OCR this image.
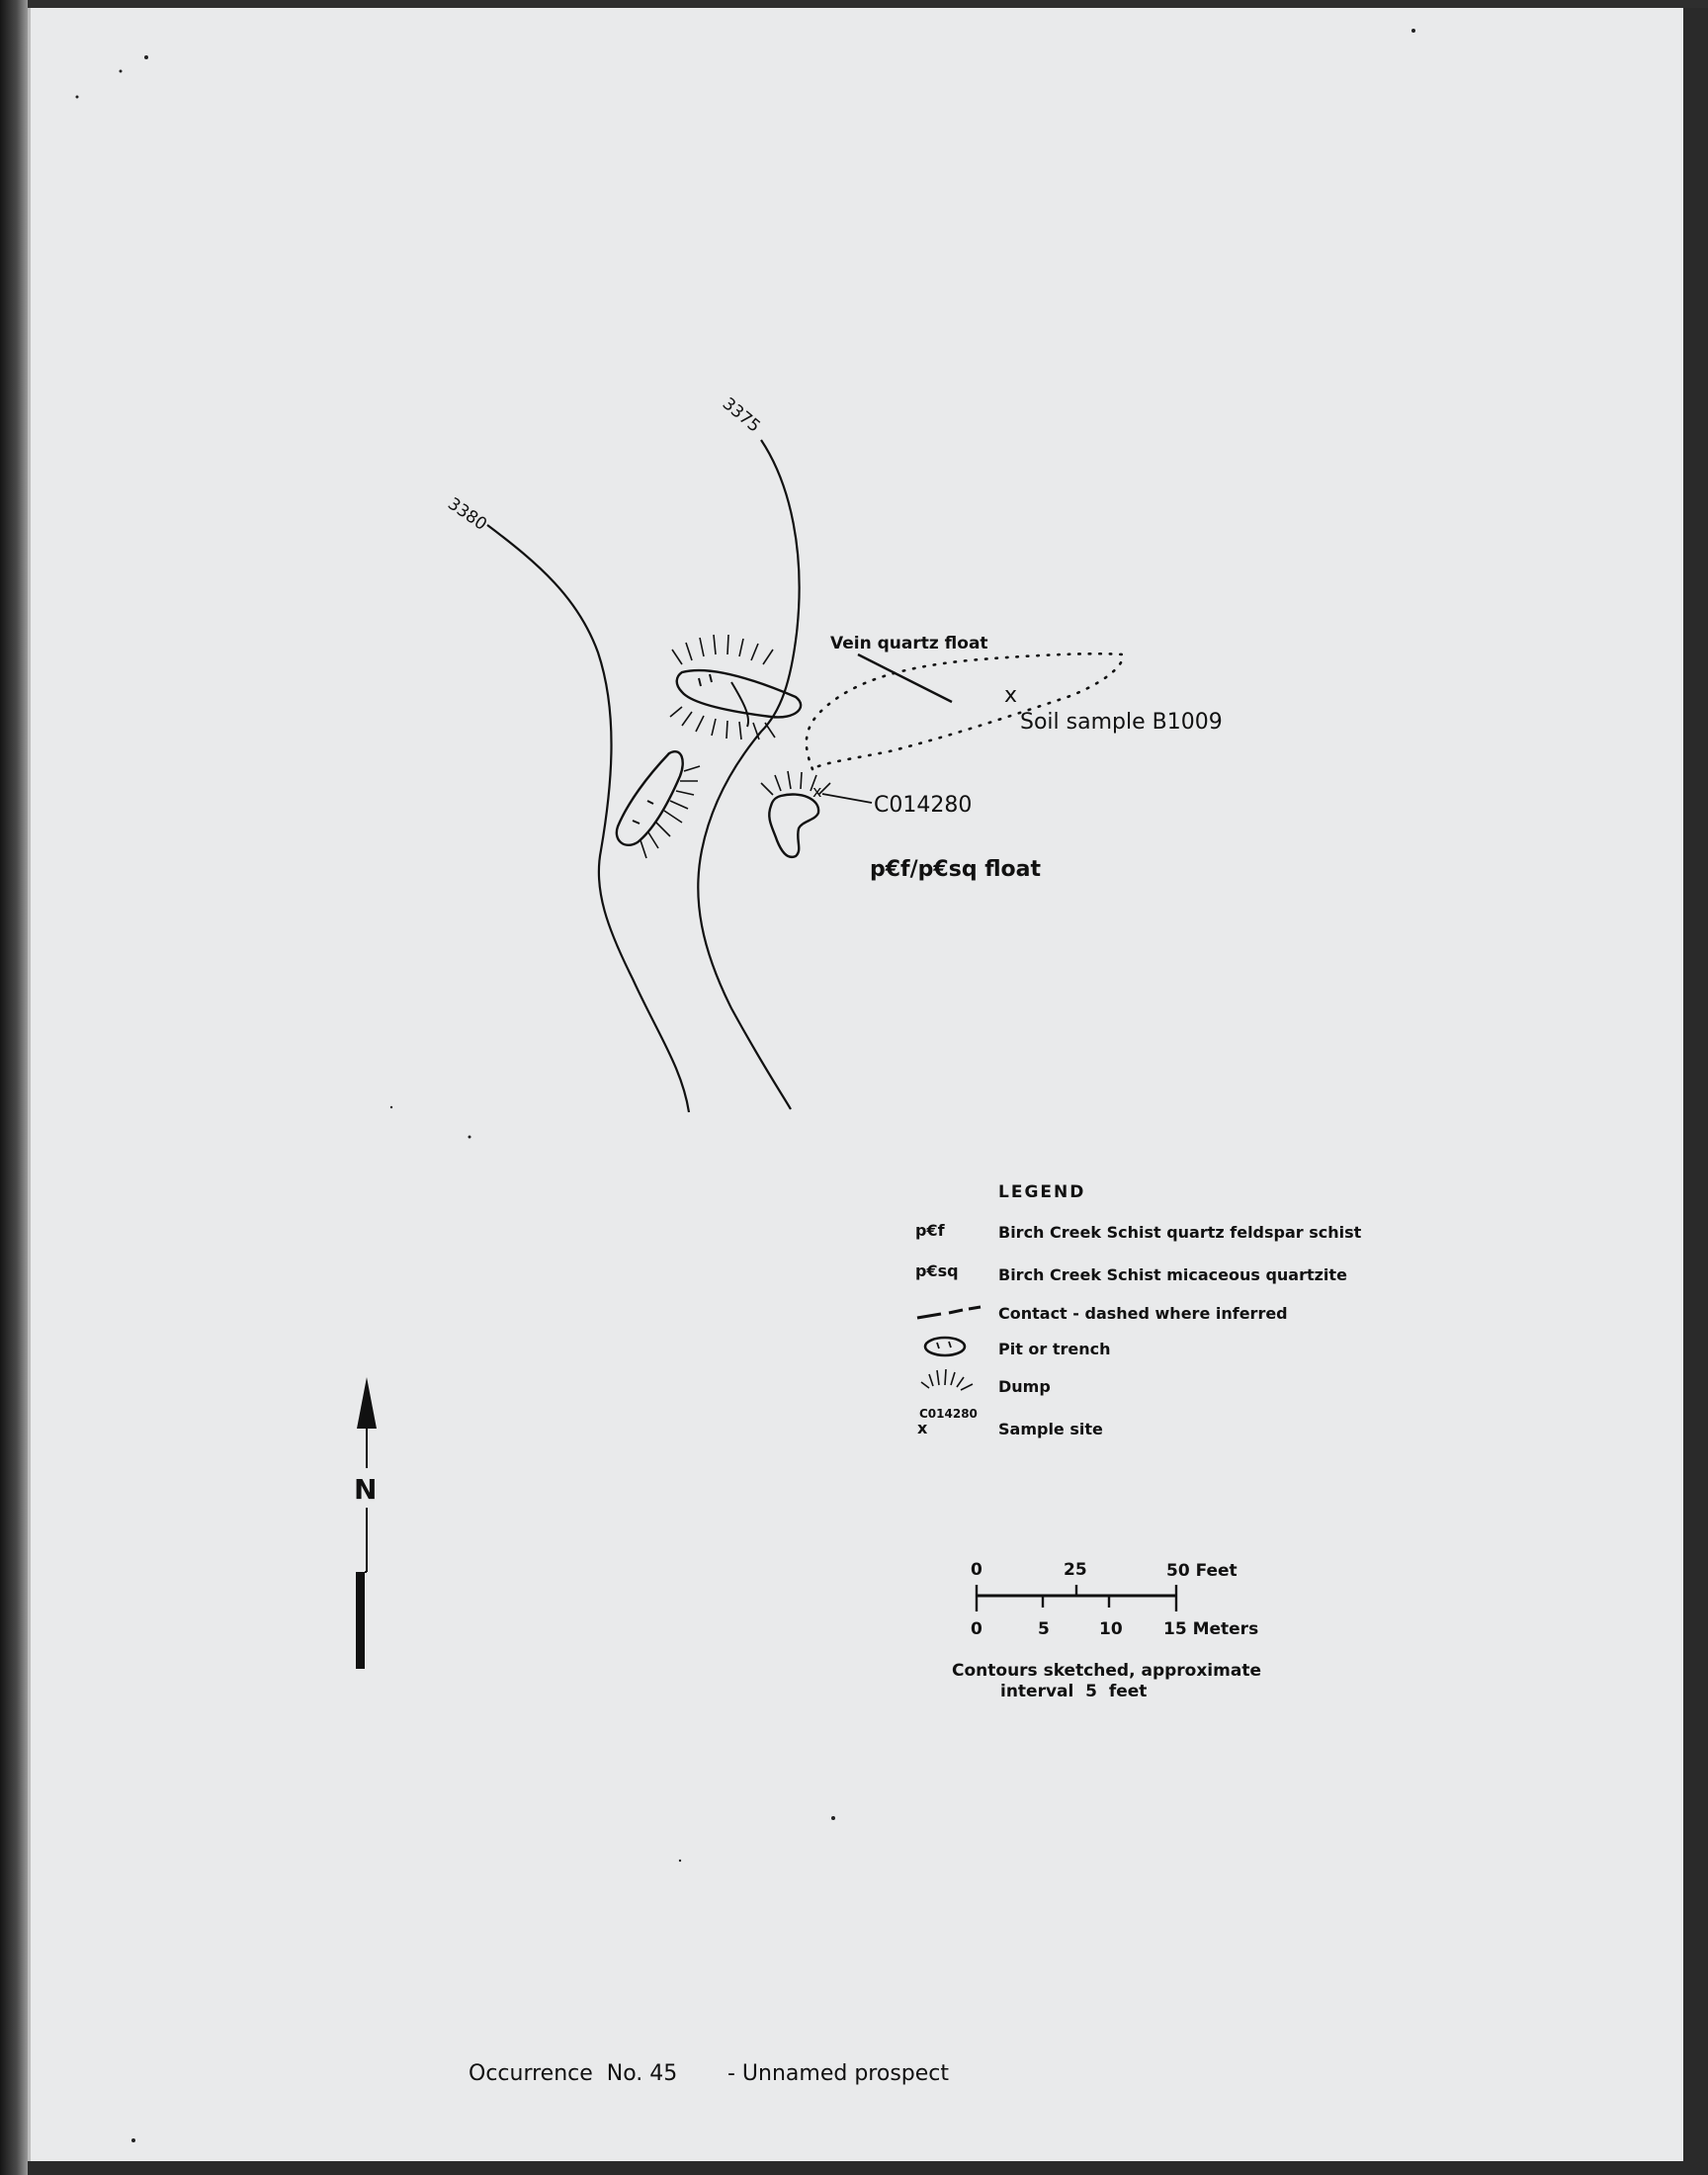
3380
3375
Vein quartz float
x
Soil sample B1009
x
C014280
p€f/p€sq float
N
C014280
x
LEGEND
p€f	Birch Creek Schist quartz feldspar schist
p€sq	Birch Creek Schist micaceous quartzite
Contact - dashed where inferred
Pit or trench
Dump
Sample site
0	25	50 Feet
0	5	10 15 Meters
Contours sketched, approximate
interval  5  feet
Occurrence  No. 45 - Unnamed prospect
